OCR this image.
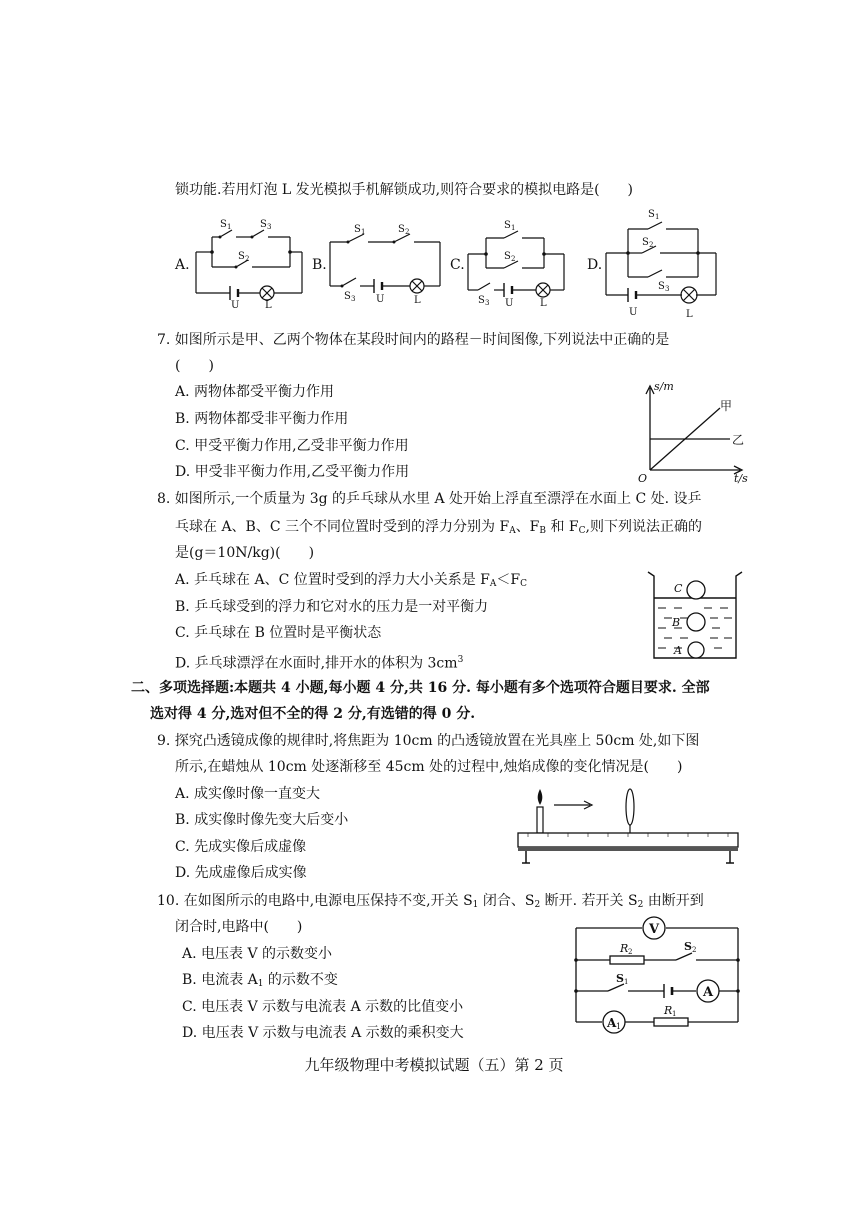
锁功能.若用灯泡 L 发光模拟手机解锁成功,则符合要求的模拟电路是(　　)
A.	B.	C.	D.
S 1	S 3
S 2
U	L
S 1	S 2
S 3 U	L
S 1
S 2
S 3 U	L
S 1
S 2
S 3
U	L
7. 如图所示是甲、乙两个物体在某段时间内的路程－时间图像,下列说法中正确的是
(　　)
A. 两物体都受平衡力作用
B. 两物体都受非平衡力作用
C. 甲受平衡力作用,乙受非平衡力作用
D. 甲受非平衡力作用,乙受平衡力作用
s/m
t/s
O
甲
乙
8. 如图所示,一个质量为 3g 的乒乓球从水里 A 处开始上浮直至漂浮在水面上 C 处. 设乒
乓球在 A、B、C 三个不同位置时受到的浮力分别为 $F_A$、$F_B$ 和 $F_C$,则下列说法正确的
是(g＝10N/kg)(　　)
A. 乒乓球在 A、C 位置时受到的浮力大小关系是 $F_A<F_C$
B. 乒乓球受到的浮力和它对水的压力是一对平衡力
C. 乒乓球在 B 位置时是平衡状态
D. 乒乓球漂浮在水面时,排开水的体积为 $3cm^3$
C
B
A
二、多项选择题:本题共 4 小题,每小题 4 分,共 16 分. 每小题有多个选项符合题目要求. 全部
选对得 4 分,选对但不全的得 2 分,有选错的得 0 分.
9. 探究凸透镜成像的规律时,将焦距为 10cm 的凸透镜放置在光具座上 50cm 处,如下图
所示,在蜡烛从 10cm 处逐渐移至 45cm 处的过程中,烛焰成像的变化情况是(　　)
A. 成实像时像一直变大
B. 成实像时像先变大后变小
C. 先成实像后成虚像
D. 先成虚像后成实像
10. 在如图所示的电路中,电源电压保持不变,开关 $S_1$ 闭合、$S_2$ 断开. 若开关 $S_2$ 由断开到
闭合时,电路中(　　)
A. 电压表 V 的示数变小
B. 电流表 $A_1$ 的示数不变
C. 电压表 V 示数与电流表 A 示数的比值变小
D. 电压表 V 示数与电流表 A 示数的乘积变大
V
A
A 1
R 2
R 1
S 2
S 1
九年级物理中考模拟试题（五）第 2 页
